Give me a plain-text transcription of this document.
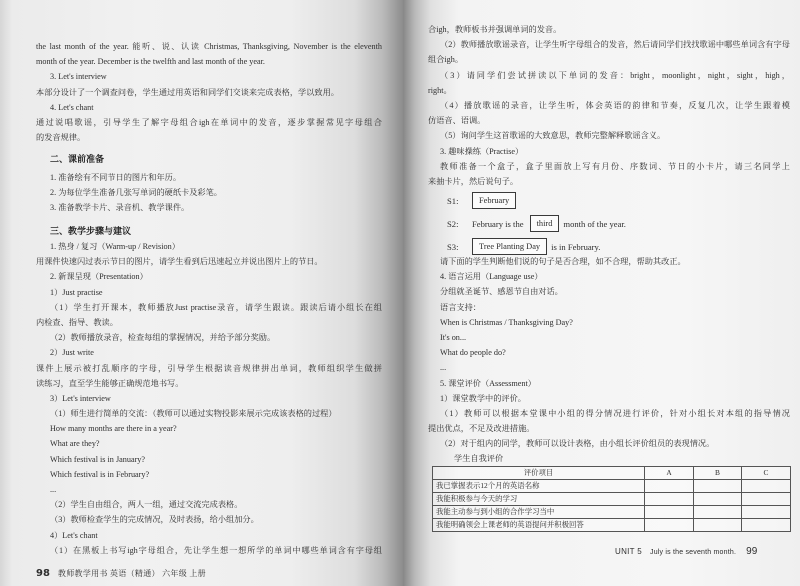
the last month of the year. 能听、说、认读 Christmas, Thanksgiving, November is the eleventh
month of the year. December is the twelfth and last month of the year.
3. Let's interview
本部分设计了一个调查问卷，学生通过用英语和同学们交谈来完成表格，学以致用。
4. Let's chant
通过说唱歌谣，引导学生了解字母组合igh在单词中的发音，逐步掌握常见字母组合
的发音规律。
二、课前准备
1. 准备绘有不同节日的图片和年历。
2. 为每位学生准备几张写单词的硬纸卡及彩笔。
3. 准备教学卡片、录音机、教学课件。
三、教学步骤与建议
1. 热身 / 复习（Warm-up / Revision）
用课件快速闪过表示节日的图片，请学生看到后迅速起立并说出图片上的节日。
2. 新课呈现（Presentation）
1）Just practise
（1）学生打开课本，教师播放Just practise录音，请学生跟读。跟读后请小组长在组
内检查、指导、教读。
（2）教师播放录音，检查每组的掌握情况，并给予部分奖励。
2）Just write
课件上展示被打乱顺序的字母，引导学生根据读音规律拼出单词，教师组织学生做拼
读练习，直至学生能够正确规范地书写。
3）Let's interview
（1）师生进行简单的交流：（教师可以通过实物投影来展示完成该表格的过程）
How many months are there in a year?
What are they?
Which festival is in January?
Which festival is in February?
...
（2）学生自由组合，两人一组，通过交流完成表格。
（3）教师检查学生的完成情况，及时表扬，给小组加分。
4）Let's chant
（1）在黑板上书写igh字母组合，先让学生想一想所学的单词中哪些单词含有字母组
98 教师教学用书 英语（精通） 六年级 上册
合igh，教师板书并强调单词的发音。
（2）教师播放歌谣录音，让学生听字母组合的发音，然后请同学们找找歌谣中哪些单词含有字母
组合igh。
（3）请同学们尝试拼读以下单词的发音：bright，moonlight，night，sight，high，
right。
（4）播放歌谣的录音，让学生听，体会英语的韵律和节奏，反复几次，让学生跟着模
仿语音、语调。
（5）询问学生这首歌谣的大致意思，教师完整解释歌谣含义。
3. 趣味操练（Practise）
教师准备一个盒子，盒子里面放上写有月份、序数词、节日的小卡片，请三名同学上
来抽卡片，然后说句子。
S1:	February
S2:	February is the	third	month of the year.
S3:	Tree Planting Day	is in February.
请下面的学生判断他们说的句子是否合理，如不合理，帮助其改正。
4. 语言运用（Language use）
分组就圣诞节、感恩节自由对话。
语言支持：
When is Christmas / Thanksgiving Day?
It's on...
What do people do?
...
5. 课堂评价（Assessment）
1）课堂教学中的评价。
（1）教师可以根据本堂课中小组的得分情况进行评价，针对小组长对本组的指导情况
提出优点，不足及改进措施。
（2）对于组内的同学，教师可以设计表格，由小组长评价组员的表现情况。
学生自我评价
评价项目	A	B	C
我已掌握表示12个月的英语名称			
我能积极参与今天的学习			
我能主动参与到小组的合作学习当中			
我能明确领会上课老师的英语提问并积极回答			
UNIT 5 July is the seventh month. 99
